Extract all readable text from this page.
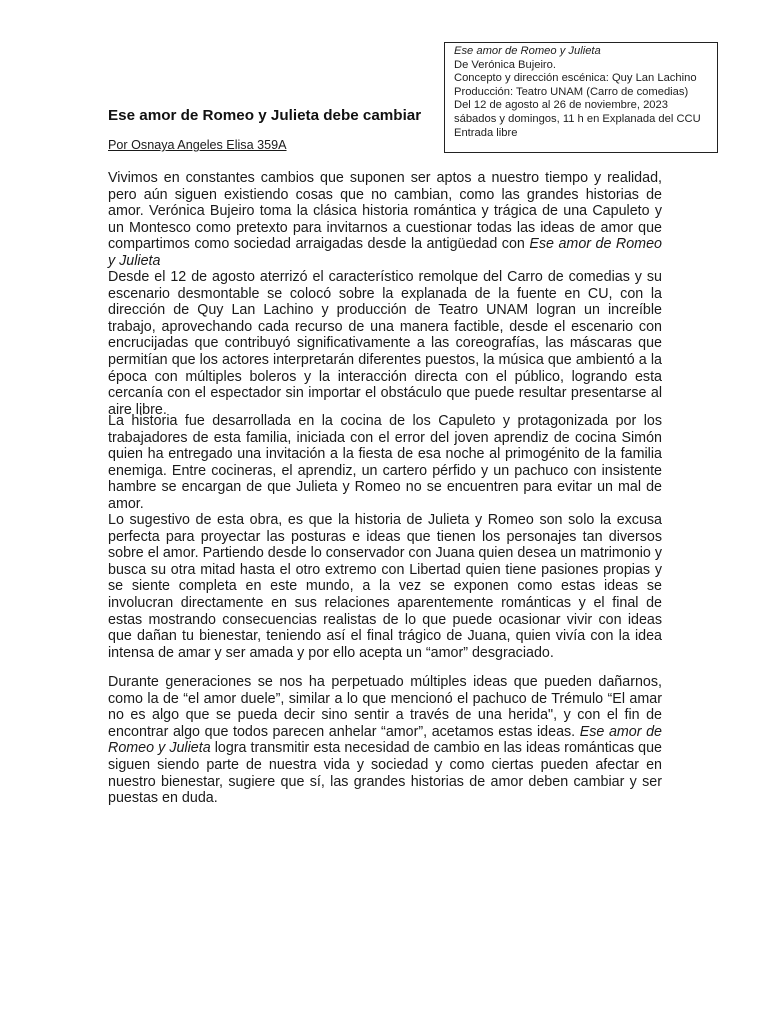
Ese amor de Romeo y Julieta
De Verónica Bujeiro.
Concepto y dirección escénica: Quy Lan Lachino
Producción: Teatro UNAM (Carro de comedias)
Del 12 de agosto al 26 de noviembre, 2023
sábados y domingos, 11 h en Explanada del CCU
Entrada libre
Ese amor de Romeo y Julieta debe cambiar
Por Osnaya Angeles Elisa 359A

Vivimos en constantes cambios que suponen ser aptos a nuestro tiempo y realidad, pero aún siguen existiendo cosas que no cambian, como las grandes historias de amor. Verónica Bujeiro toma la clásica historia romántica y trágica de una Capuleto y un Montesco como pretexto para invitarnos a cuestionar todas las ideas de amor que compartimos como sociedad arraigadas desde la antigüedad con Ese amor de Romeo y Julieta

Desde el 12 de agosto aterrizó el característico remolque del Carro de comedias y su escenario desmontable se colocó sobre la explanada de la fuente en CU, con la dirección de Quy Lan Lachino y producción de Teatro UNAM logran un increíble trabajo, aprovechando cada recurso de una manera factible, desde el escenario con encrucijadas que contribuyó significativamente a las coreografías, las máscaras que permitían que los actores interpretarán diferentes puestos, la música que ambientó a la época con múltiples boleros y la interacción directa con el público, logrando esta cercanía con el espectador sin importar el obstáculo que puede resultar presentarse al aire libre.

La historia fue desarrollada en la cocina de los Capuleto y protagonizada por los trabajadores de esta familia, iniciada con el error del joven aprendiz de cocina Simón quien ha entregado una invitación a la fiesta de esa noche al primogénito de la familia enemiga. Entre cocineras, el aprendiz, un cartero pérfido y un pachuco con insistente hambre se encargan de que Julieta y Romeo no se encuentren para evitar un mal de amor.

Lo sugestivo de esta obra, es que la historia de Julieta y Romeo son solo la excusa perfecta para proyectar las posturas e ideas que tienen los personajes tan diversos sobre el amor. Partiendo desde lo conservador con Juana quien desea un matrimonio y busca su otra mitad hasta el otro extremo con Libertad quien tiene pasiones propias y se siente completa en este mundo, a la vez se exponen como estas ideas se involucran directamente en sus relaciones aparentemente románticas y el final de estas mostrando consecuencias realistas de lo que puede ocasionar vivir con ideas que dañan tu bienestar, teniendo así el final trágico de Juana, quien vivía con la idea intensa de amar y ser amada y por ello acepta un “amor” desgraciado.

Durante generaciones se nos ha perpetuado múltiples ideas que pueden dañarnos, como la de “el amor duele”, similar a lo que mencionó el pachuco de Trémulo “El amar no es algo que se pueda decir sino sentir a través de una herida", y con el fin de encontrar algo que todos parecen anhelar “amor”, acetamos estas ideas. Ese amor de Romeo y Julieta logra transmitir esta necesidad de cambio en las ideas románticas que siguen siendo parte de nuestra vida y sociedad y como ciertas pueden afectar en nuestro bienestar, sugiere que sí, las grandes historias de amor deben cambiar y ser puestas en duda.
